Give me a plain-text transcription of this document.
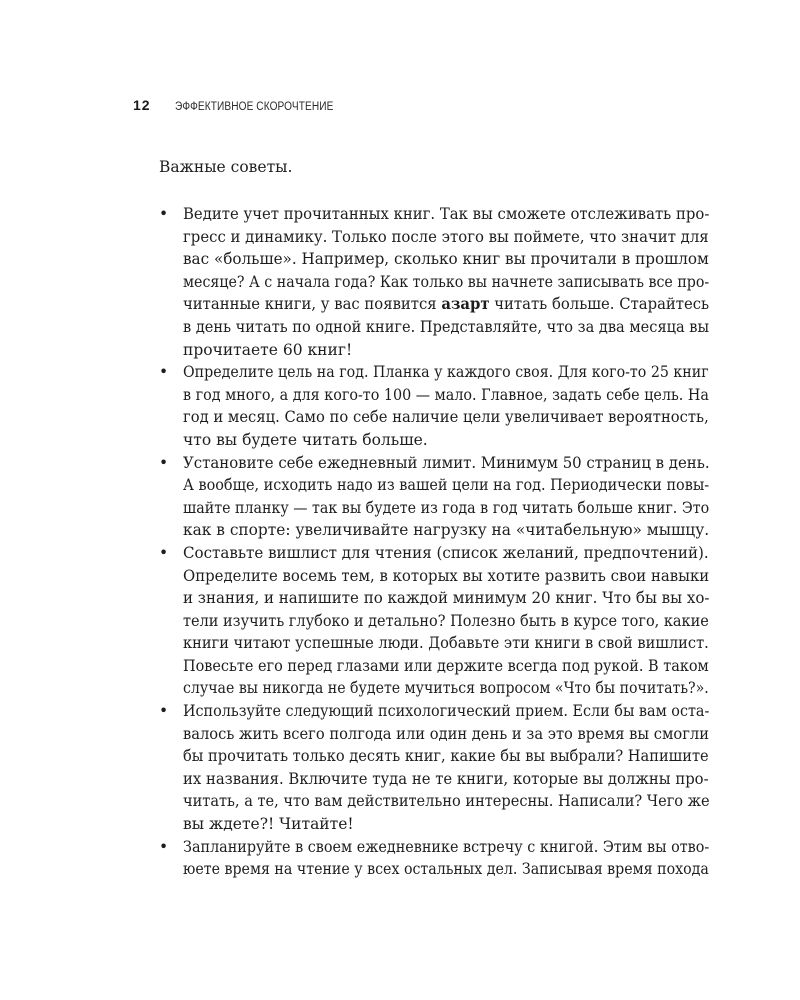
12 ЭФФЕКТИВНОЕ СКОРОЧТЕНИЕ

Важные советы.

• Ведите учет прочитанных книг. Так вы сможете отслеживать про-
гресс и динамику. Только после этого вы поймете, что значит для
вас «больше». Например, сколько книг вы прочитали в прошлом
месяце? А с начала года? Как только вы начнете записывать все про-
читанные книги, у вас появится азарт читать больше. Старайтесь
в день читать по одной книге. Представляйте, что за два месяца вы
прочитаете 60 книг!
• Определите цель на год. Планка у каждого своя. Для кого-то 25 книг
в год много, а для кого-то 100 — мало. Главное, задать себе цель. На
год и месяц. Само по себе наличие цели увеличивает вероятность,
что вы будете читать больше.
• Установите себе ежедневный лимит. Минимум 50 страниц в день.
А вообще, исходить надо из вашей цели на год. Периодически повы-
шайте планку — так вы будете из года в год читать больше книг. Это
как в спорте: увеличивайте нагрузку на «читабельную» мышцу.
• Составьте вишлист для чтения (список желаний, предпочтений).
Определите восемь тем, в которых вы хотите развить свои навыки
и знания, и напишите по каждой минимум 20 книг. Что бы вы хо-
тели изучить глубоко и детально? Полезно быть в курсе того, какие
книги читают успешные люди. Добавьте эти книги в свой вишлист.
Повесьте его перед глазами или держите всегда под рукой. В таком
случае вы никогда не будете мучиться вопросом «Что бы почитать?».
• Используйте следующий психологический прием. Если бы вам оста-
валось жить всего полгода или один день и за это время вы смогли
бы прочитать только десять книг, какие бы вы выбрали? Напишите
их названия. Включите туда не те книги, которые вы должны про-
читать, а те, что вам действительно интересны. Написали? Чего же
вы ждете?! Читайте!
• Запланируйте в своем ежедневнике встречу с книгой. Этим вы отво-
юете время на чтение у всех остальных дел. Записывая время похода
